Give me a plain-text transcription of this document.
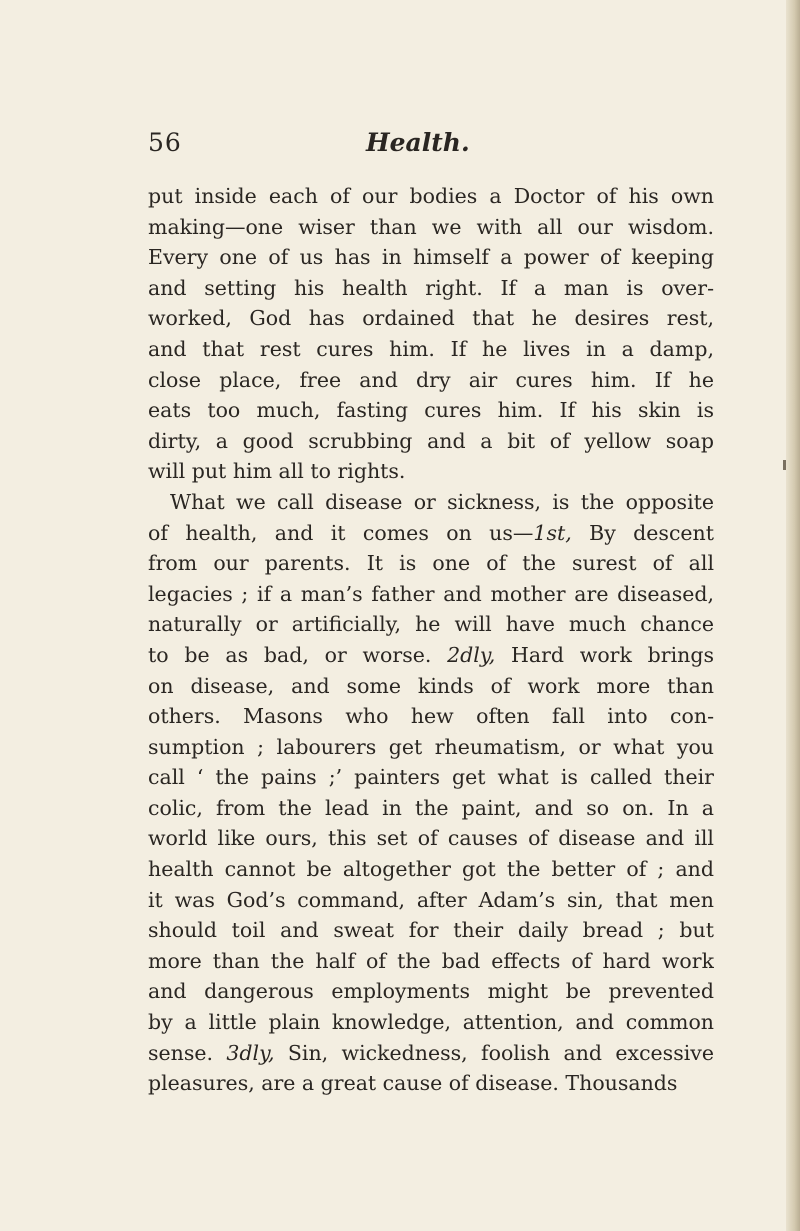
56	Health.
put inside each of our bodies a Doctor of his own
making—one wiser than we with all our wisdom.
Every one of us has in himself a power of keeping
and setting his health right. If a man is over-
worked, God has ordained that he desires rest,
and that rest cures him. If he lives in a damp,
close place, free and dry air cures him. If he
eats too much, fasting cures him. If his skin is
dirty, a good scrubbing and a bit of yellow soap
will put him all to rights.
What we call disease or sickness, is the opposite
of health, and it comes on us—1st, By descent
from our parents. It is one of the surest of all
legacies ; if a man’s father and mother are diseased,
naturally or artificially, he will have much chance
to be as bad, or worse. 2dly, Hard work brings
on disease, and some kinds of work more than
others. Masons who hew often fall into con-
sumption ; labourers get rheumatism, or what you
call ‘ the pains ;’ painters get what is called their
colic, from the lead in the paint, and so on. In a
world like ours, this set of causes of disease and ill
health cannot be altogether got the better of ; and
it was God’s command, after Adam’s sin, that men
should toil and sweat for their daily bread ; but
more than the half of the bad effects of hard work
and dangerous employments might be prevented
by a little plain knowledge, attention, and common
sense. 3dly, Sin, wickedness, foolish and excessive
pleasures, are a great cause of disease. Thousands
